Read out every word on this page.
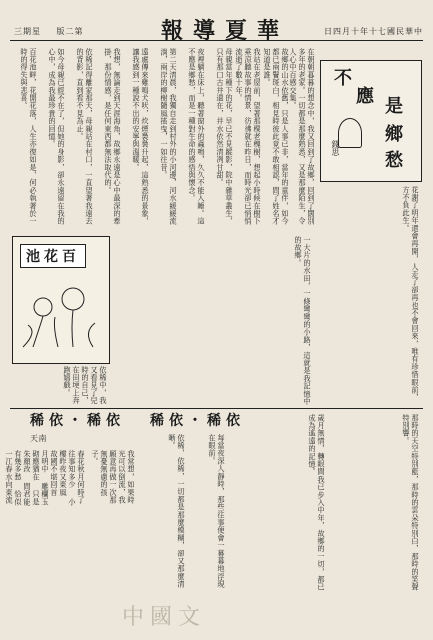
三期星 版二第	報導夏華	日四月十年十七國民華中
不
應 是
鄉
愁
錢思
在朝朝暮暮的想念中，我又回到了故鄉，回到了闊別多年的老家。一切都是那麼熟悉，又是那麼陌生，令人心中百感交集。
故鄉的山水依舊，只是人事已非，當年的童伴，如今都已兩鬢斑白，相見時彼此竟不敢相認，問了姓名才知道是誰。
我站在老屋前，望著那棵老槐樹，想起小時候在樹下乘涼聽故事的情景，彷彿就在昨日，而時光卻已悄悄流逝了數十年。
母親當年種下的花，早已不見蹤影，院中雜草叢生，只有那口古井還在，井水依然清冽甘甜。
夜裡躺在床上，聽著窗外的蟲鳴，久久不能入睡。這不應是鄉愁，而是一種對生命的感悟與懷念。
第二天清晨，我獨自走到村外的小河邊，河水緩緩流淌，兩岸的柳樹隨風搖曳，一如往昔。
遠處傳來雞鳴犬吠，炊煙裊裊升起，這熟悉的景象，讓我感到一種說不出的安寧與溫暖。
我想，無論走到天涯海角，故鄉永遠是心中最深的牽掛，那份情感，是任何東西都無法取代的。
依稀記得離家那天，母親站在村口，一直望著我遠去的背影，直到看不見為止。
如今母親已經不在了，但她的身影，卻永遠留在我的心中，成為我最珍貴的回憶。
百花池畔，花開花落，人生亦復如是，何必執著於一時的得失與悲喜。
花謝了明年還會再開，人走了卻再也不會回來，唯有珍惜眼前，方不負此生。
一大片的水田，一條彎彎的小路，這就是我記憶中的故鄉。
池花百
依稀中，我又看見了兒時的自己，在田埂上奔跑嬉戲。
稀依・稀依
稀依・稀依
天南	那時的天空特別藍，那時的雲朵特別白，那時的笑聲特別響。
歲月無情，轉眼間我已步入中年，故鄉的一切，都已成為遙遠的記憶。
每當夜深人靜時，那些往事便會一幕幕地浮現在眼前。
依稀，依稀，一切都是那麼模糊，卻又那麼清晰。
我常想，如果時光可以倒流，我願意再做一次那無憂無慮的孩子。
春花秋月何時了 往事知多少 小樓昨夜又東風 故國不堪回首 月明中 雕欄玉砌應猶在 只是朱顏改 問君能有幾多愁 恰似一江春水向東流
中國文
